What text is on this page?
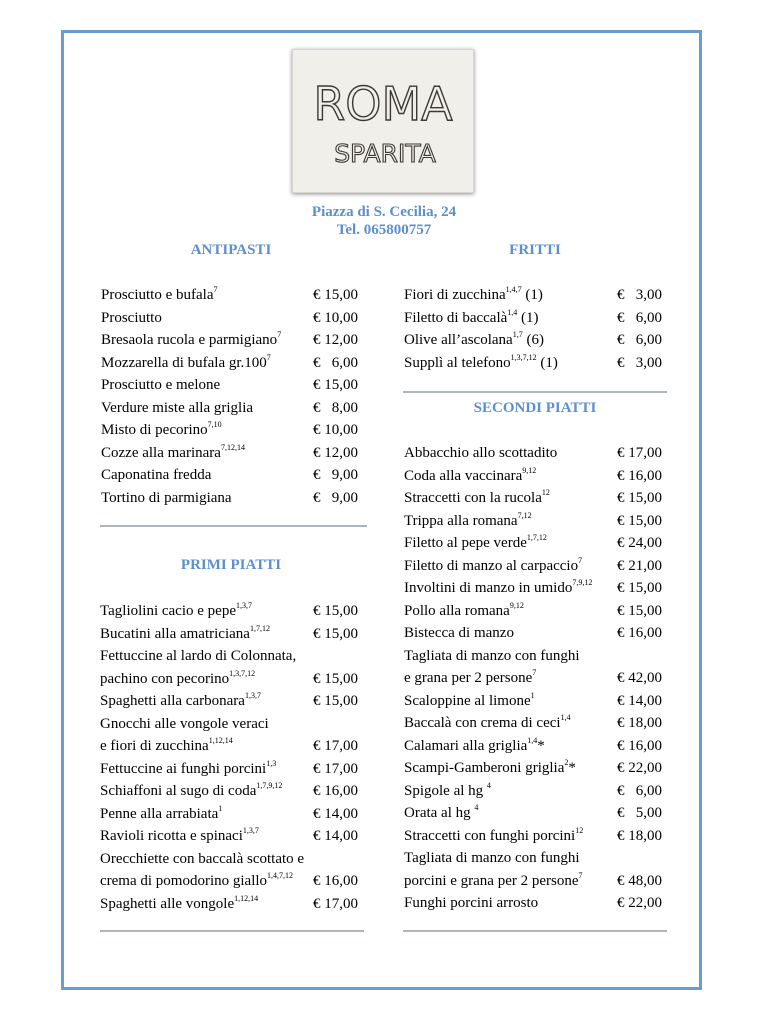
ROMA
SPARITA
Piazza di S. Cecilia, 24
Tel. 065800757
ANTIPASTI
Prosciutto e bufala$^7$	€ 15,00
Prosciutto	€ 10,00
Bresaola rucola e parmigiano$^7$ € 12,00
Mozzarella di bufala gr.100$^7$	€   6,00
Prosciutto e melone	€ 15,00
Verdure miste alla griglia	€   8,00
Misto di pecorino$^{7,10}$	€ 10,00
Cozze alla marinara$^{7,12,14}$	€ 12,00
Caponatina fredda	€   9,00
Tortino di parmigiana	€   9,00
PRIMI PIATTI
Tagliolini cacio e pepe$^{1,3,7}$	€ 15,00
Bucatini alla amatriciana$^{1,7,12}$	€ 15,00
Fettuccine al lardo di Colonnata,
pachino con pecorino$^{1,3,7,12}$	€ 15,00
Spaghetti alla carbonara$^{1,3,7}$	€ 15,00
Gnocchi alle vongole veraci
e fiori di zucchina$^{1,12,14}$	€ 17,00
Fettuccine ai funghi porcini$^{1,3}$ € 17,00
Schiaffoni al sugo di coda$^{1,7,9,12}$ € 16,00
Penne alla arrabiata$^1$	€ 14,00
Ravioli ricotta e spinaci$^{1,3,7}$	€ 14,00
Orecchiette con baccalà scottato e
crema di pomodorino giallo$^{1,4,7,12}$ € 16,00
Spaghetti alle vongole$^{1,12,14}$	€ 17,00
FRITTI
Fiori di zucchina$^{1,4,7}$ (1)	€   3,00
Filetto di baccalà$^{1,4}$ (1)	€   6,00
Olive all’ascolana$^{1,7}$ (6)	€   6,00
Supplì al telefono$^{1,3,7,12}$ (1)	€   3,00
SECONDI PIATTI
Abbacchio allo scottadito	€ 17,00
Coda alla vaccinara$^{9,12}$	€ 16,00
Straccetti con la rucola$^{12}$	€ 15,00
Trippa alla romana$^{7,12}$	€ 15,00
Filetto al pepe verde$^{1,7,12}$	€ 24,00
Filetto di manzo al carpaccio$^7$ € 21,00
Involtini di manzo in umido$^{7,9,12}$ € 15,00
Pollo alla romana$^{9,12}$	€ 15,00
Bistecca di manzo	€ 16,00
Tagliata di manzo con funghi
e grana per 2 persone$^7$	€ 42,00
Scaloppine al limone$^1$	€ 14,00
Baccalà con crema di ceci$^{1,4}$	€ 18,00
Calamari alla griglia$^{1,4}$*	€ 16,00
Scampi-Gamberoni griglia$^2$*	€ 22,00
Spigole al hg $^4$	€   6,00
Orata al hg $^4$	€   5,00
Straccetti con funghi porcini$^{12}$ € 18,00
Tagliata di manzo con funghi
porcini e grana per 2 persone$^7$ € 48,00
Funghi porcini arrosto	€ 22,00
